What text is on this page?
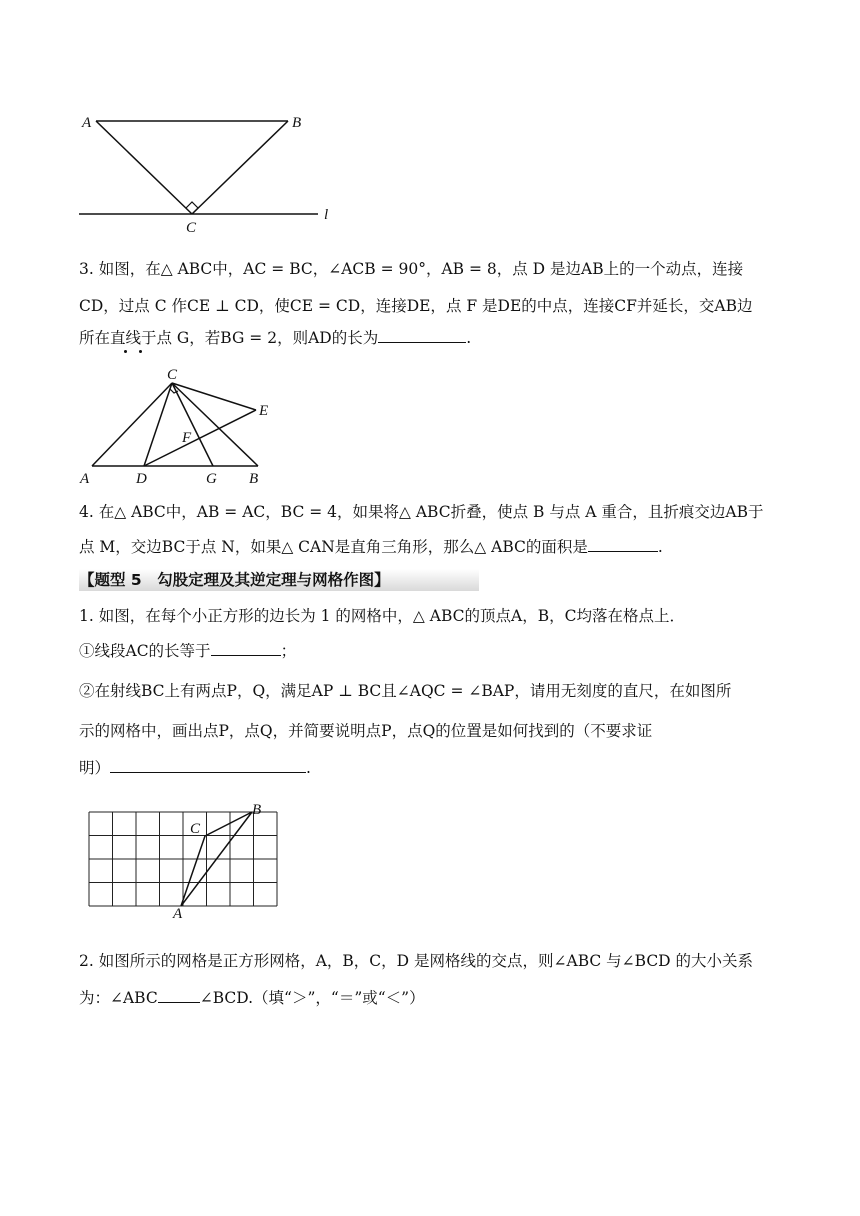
A	B
C
l
3. 如图，在△ ABC中，AC = BC，∠ACB = 90°，AB = 8，点 D 是边AB上的一个动点，连接
CD，过点 C 作CE ⊥ CD，使CE = CD，连接DE，点 F 是DE的中点，连接CF并延长，交AB边
所在直线于点 G，若BG = 2，则AD的长为	.
C
E
F
A	D	G B
4. 在△ ABC中，AB = AC，BC = 4，如果将△ ABC折叠，使点 B 与点 A 重合，且折痕交边AB于
点 M，交边BC于点 N，如果△ CAN是直角三角形，那么△ ABC的面积是	.
【题型 5　勾股定理及其逆定理与网格作图】
1. 如图，在每个小正方形的边长为 1 的网格中，△ ABC的顶点A，B，C均落在格点上．
①线段AC的长等于	；
②在射线BC上有两点P，Q，满足AP ⊥ BC且∠AQC = ∠BAP，请用无刻度的直尺，在如图所
示的网格中，画出点P，点Q，并简要说明点P，点Q的位置是如何找到的（不要求证
明）	.
C
B
A
2. 如图所示的网格是正方形网格，A，B，C，D 是网格线的交点，则∠ABC 与∠BCD 的大小关系
为：∠ABC	∠BCD.（填“＞”，“＝”或“＜”）
